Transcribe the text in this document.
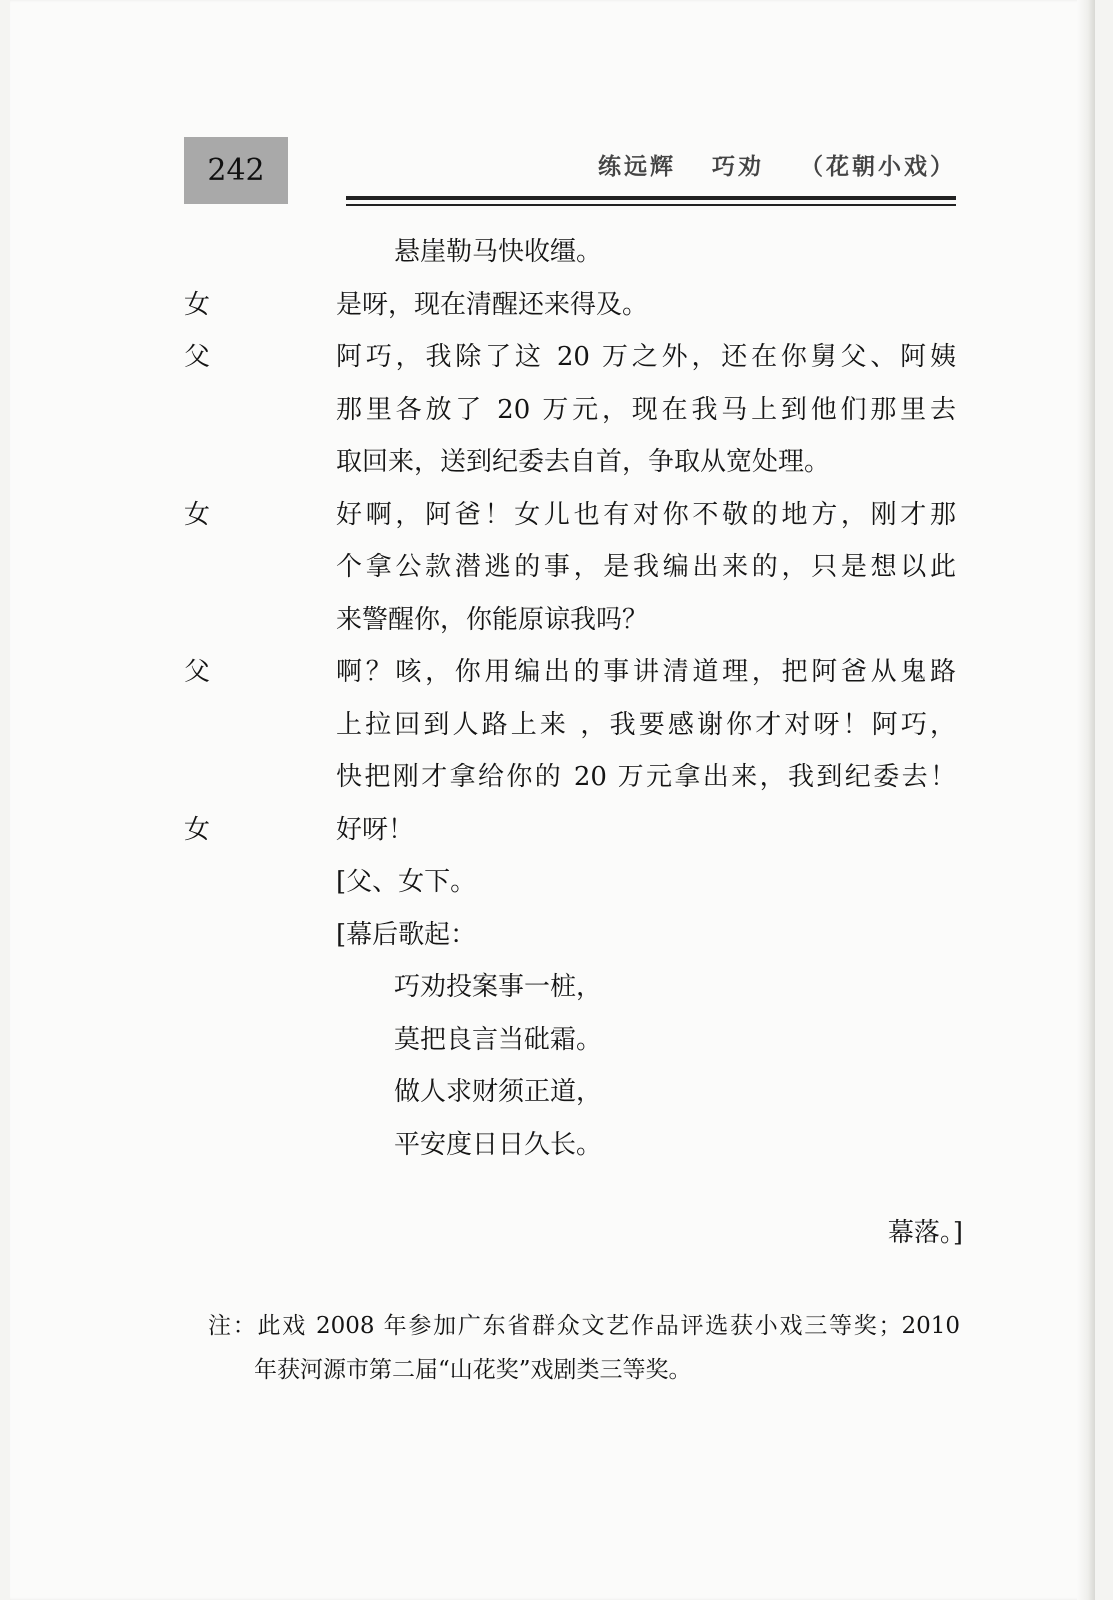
242	练远辉 巧劝 （花朝小戏）
悬崖勒马快收缰。
女	是呀，现在清醒还来得及。
父	阿巧，我除了这 20 万之外，还在你舅父、阿姨
那里各放了 20 万元，现在我马上到他们那里去
取回来，送到纪委去自首，争取从宽处理。
女	好啊，阿爸！女儿也有对你不敬的地方，刚才那
个拿公款潜逃的事，是我编出来的，只是想以此
来警醒你，你能原谅我吗？
父	啊？咳，你用编出的事讲清道理，把阿爸从鬼路
上拉回到人路上来 ，我要感谢你才对呀！阿巧，
快把刚才拿给你的 20 万元拿出来，我到纪委去！
女	好呀！
[父、女下。
[幕后歌起：
巧劝投案事一桩，
莫把良言当砒霜。
做人求财须正道，
平安度日日久长。
幕落。]
注：此戏 2008 年参加广东省群众文艺作品评选获小戏三等奖；2010
年获河源市第二届“山花奖”戏剧类三等奖。
